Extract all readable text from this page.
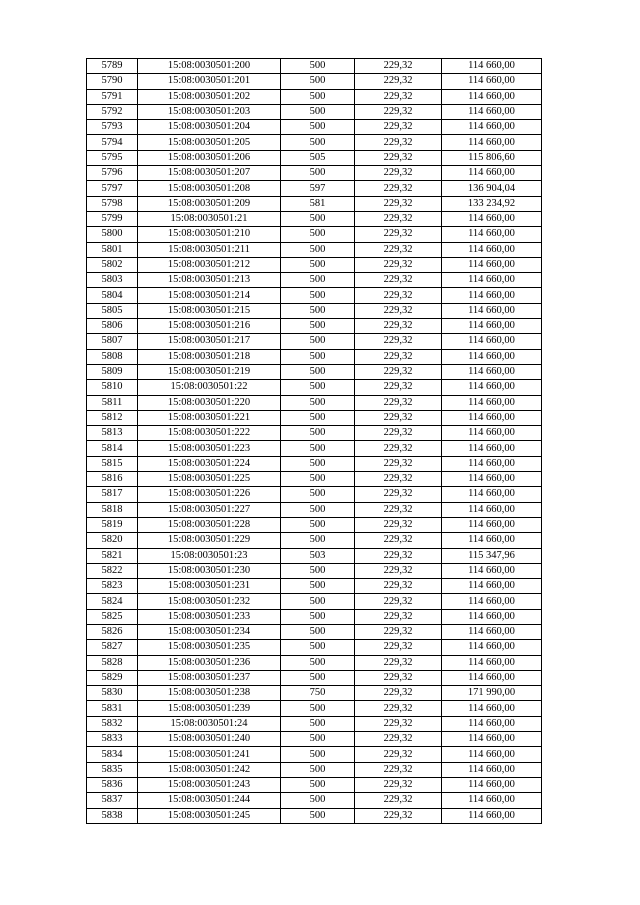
5789	15:08:0030501:200	500	229,32	114 660,00
5790	15:08:0030501:201	500	229,32	114 660,00
5791	15:08:0030501:202	500	229,32	114 660,00
5792	15:08:0030501:203	500	229,32	114 660,00
5793	15:08:0030501:204	500	229,32	114 660,00
5794	15:08:0030501:205	500	229,32	114 660,00
5795	15:08:0030501:206	505	229,32	115 806,60
5796	15:08:0030501:207	500	229,32	114 660,00
5797	15:08:0030501:208	597	229,32	136 904,04
5798	15:08:0030501:209	581	229,32	133 234,92
5799	15:08:0030501:21	500	229,32	114 660,00
5800	15:08:0030501:210	500	229,32	114 660,00
5801	15:08:0030501:211	500	229,32	114 660,00
5802	15:08:0030501:212	500	229,32	114 660,00
5803	15:08:0030501:213	500	229,32	114 660,00
5804	15:08:0030501:214	500	229,32	114 660,00
5805	15:08:0030501:215	500	229,32	114 660,00
5806	15:08:0030501:216	500	229,32	114 660,00
5807	15:08:0030501:217	500	229,32	114 660,00
5808	15:08:0030501:218	500	229,32	114 660,00
5809	15:08:0030501:219	500	229,32	114 660,00
5810	15:08:0030501:22	500	229,32	114 660,00
5811	15:08:0030501:220	500	229,32	114 660,00
5812	15:08:0030501:221	500	229,32	114 660,00
5813	15:08:0030501:222	500	229,32	114 660,00
5814	15:08:0030501:223	500	229,32	114 660,00
5815	15:08:0030501:224	500	229,32	114 660,00
5816	15:08:0030501:225	500	229,32	114 660,00
5817	15:08:0030501:226	500	229,32	114 660,00
5818	15:08:0030501:227	500	229,32	114 660,00
5819	15:08:0030501:228	500	229,32	114 660,00
5820	15:08:0030501:229	500	229,32	114 660,00
5821	15:08:0030501:23	503	229,32	115 347,96
5822	15:08:0030501:230	500	229,32	114 660,00
5823	15:08:0030501:231	500	229,32	114 660,00
5824	15:08:0030501:232	500	229,32	114 660,00
5825	15:08:0030501:233	500	229,32	114 660,00
5826	15:08:0030501:234	500	229,32	114 660,00
5827	15:08:0030501:235	500	229,32	114 660,00
5828	15:08:0030501:236	500	229,32	114 660,00
5829	15:08:0030501:237	500	229,32	114 660,00
5830	15:08:0030501:238	750	229,32	171 990,00
5831	15:08:0030501:239	500	229,32	114 660,00
5832	15:08:0030501:24	500	229,32	114 660,00
5833	15:08:0030501:240	500	229,32	114 660,00
5834	15:08:0030501:241	500	229,32	114 660,00
5835	15:08:0030501:242	500	229,32	114 660,00
5836	15:08:0030501:243	500	229,32	114 660,00
5837	15:08:0030501:244	500	229,32	114 660,00
5838	15:08:0030501:245	500	229,32	114 660,00
